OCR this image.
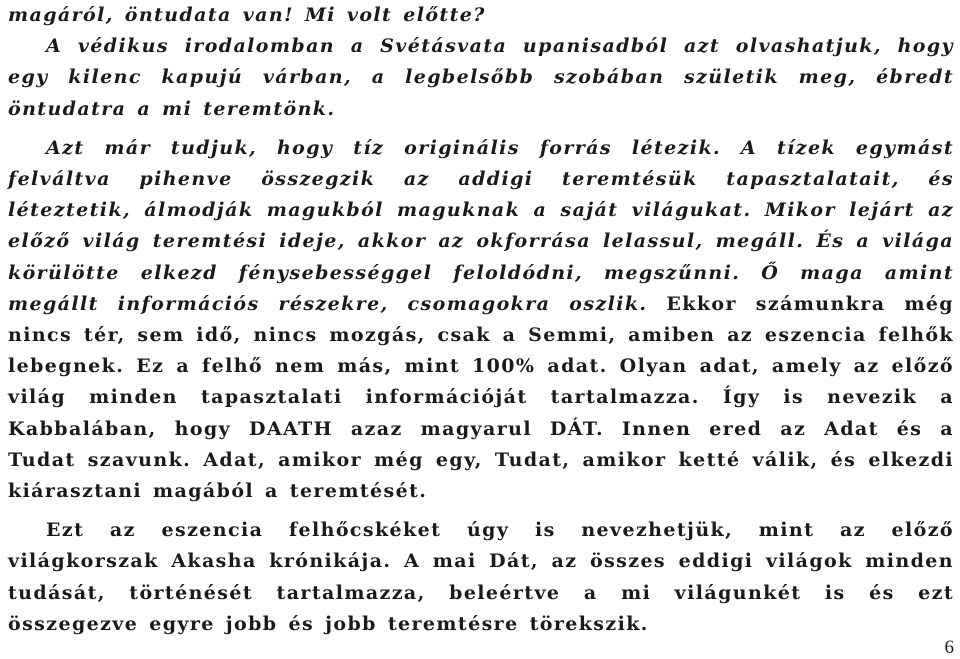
magáról, öntudata van! Mi volt előtte?

A védikus irodalomban a Svétásvata upanisadból azt olvashatjuk, hogy egy kilenc kapujú várban, a legbelsőbb szobában születik meg, ébredt öntudatra a mi teremtönk.

Azt már tudjuk, hogy tíz originális forrás létezik. A tízek egymást felváltva pihenve összegzik az addigi teremtésük tapasztalatait, és léteztetik, álmodják magukból maguknak a saját világukat. Mikor lejárt az előző világ teremtési ideje, akkor az okforrása lelassul, megáll. És a világa körülötte elkezd fénysebességgel feloldódni, megszűnni. Ő maga amint megállt információs részekre, csomagokra oszlik. Ekkor számunkra még nincs tér, sem idő, nincs mozgás, csak a Semmi, amiben az eszencia felhők lebegnek. Ez a felhő nem más, mint 100% adat. Olyan adat, amely az előző világ minden tapasztalati információját tartalmazza. Így is nevezik a Kabbalában, hogy DAATH azaz magyarul DÁT. Innen ered az Adat és a Tudat szavunk. Adat, amikor még egy, Tudat, amikor ketté válik, és elkezdi kiárasztani magából a teremtését.

Ezt az eszencia felhőcskéket úgy is nevezhetjük, mint az előző világkorszak Akasha krónikája. A mai Dát, az összes eddigi világok minden tudását, történését tartalmazza, beleértve a mi világunkét is és ezt összegezve egyre jobb és jobb teremtésre törekszik.

6
